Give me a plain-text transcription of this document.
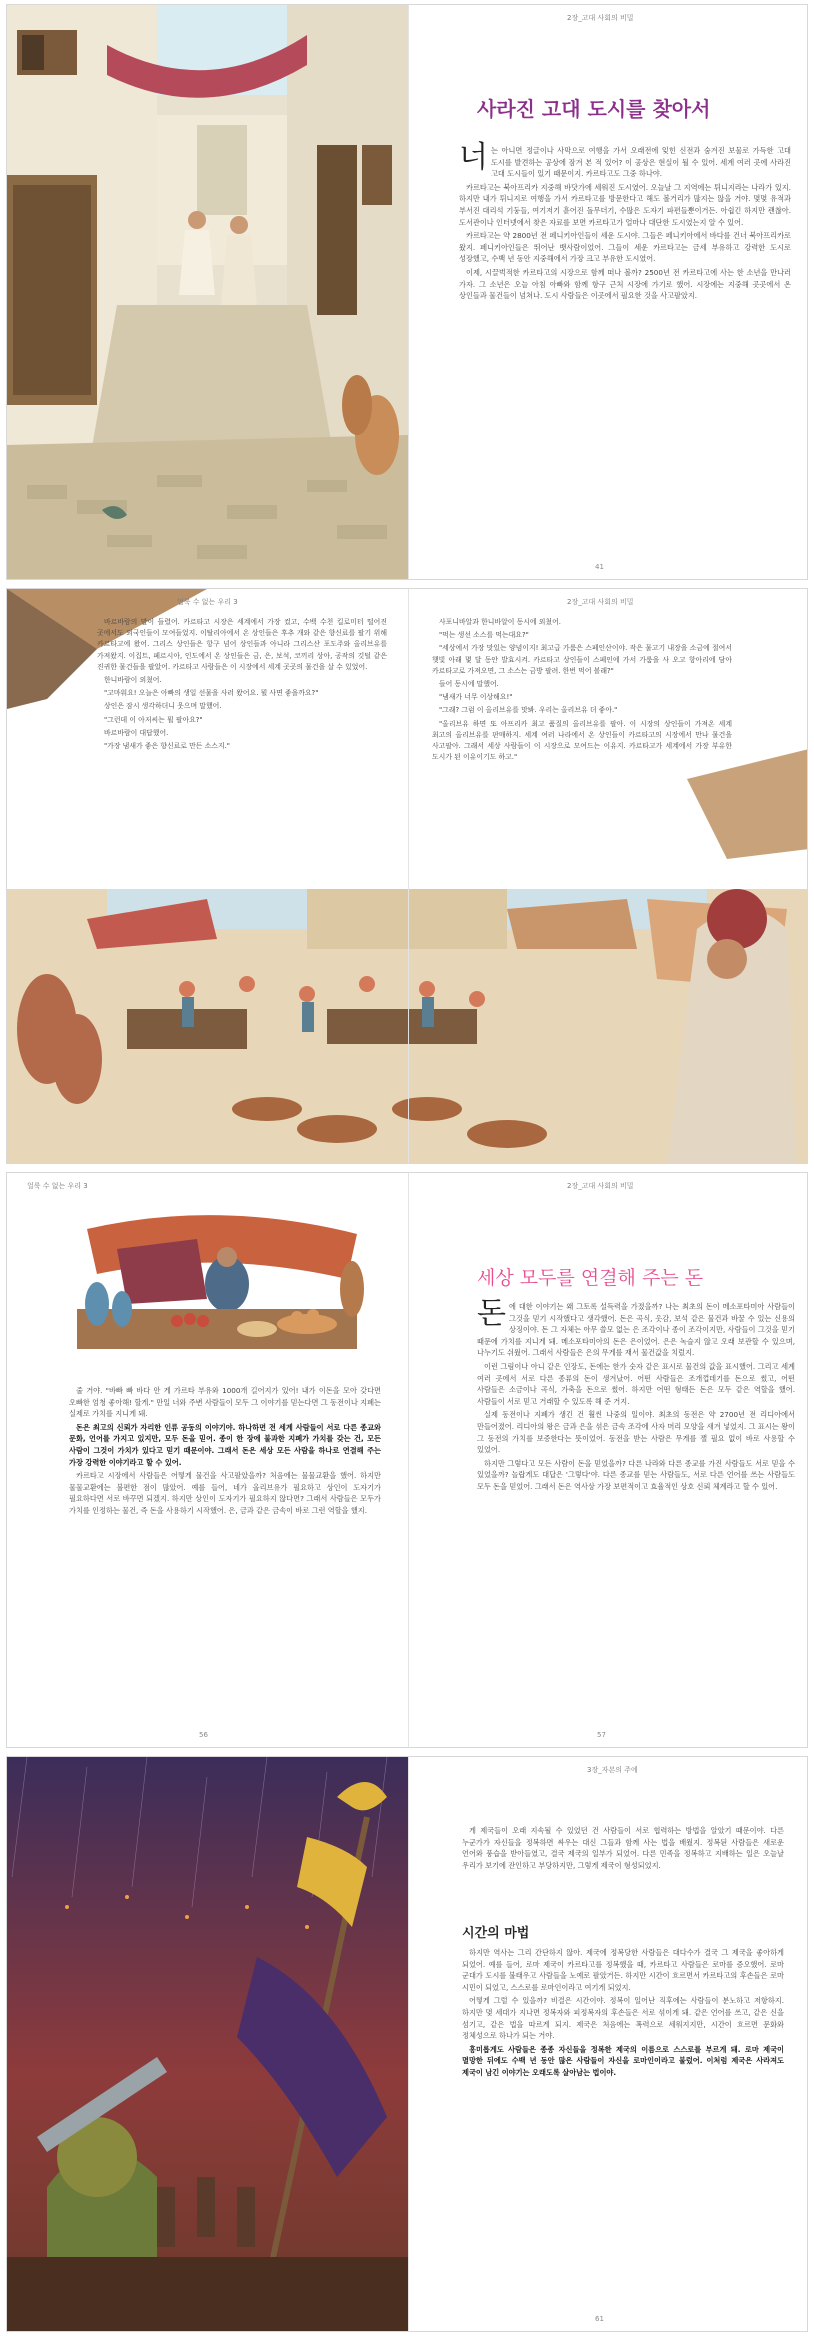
2장_고대 사회의 비밀
사라진 고대 도시를 찾아서

너는 아니면 정글이나 사막으로 여행을 가서 오래전에 잊힌 신전과 숨겨진 보물로 가득한 고대 도시를 발견하는 공상에 잠겨 본 적 있어? 이 공상은 현실이 될 수 있어. 세계 여러 곳에 사라진 고대 도시들이 있기 때문이지. 카르타고도 그중 하나야.

카르타고는 북아프리카 지중해 바닷가에 세워진 도시였어. 오늘날 그 지역에는 튀니지라는 나라가 있지. 하지만 내가 튀니지로 여행을 가서 카르타고를 방문한다고 해도 볼거리가 많지는 않을 거야. 몇몇 유적과 부서진 대리석 기둥들, 여기저기 흩어진 돌무더기, 수많은 도자기 파편들뿐이거든. 아쉽긴 하지만 괜찮아. 도서관이나 인터넷에서 찾은 자료를 보면 카르타고가 얼마나 대단한 도시였는지 알 수 있어.

카르타고는 약 2800년 전 페니키아인들이 세운 도시야. 그들은 페니키아에서 바다를 건너 북아프리카로 왔지. 페니키아인들은 뛰어난 뱃사람이었어. 그들이 세운 카르타고는 금세 부유하고 강력한 도시로 성장했고, 수백 년 동안 지중해에서 가장 크고 부유한 도시였어.

이제, 시끌벅적한 카르타고의 시장으로 함께 떠나 볼까? 2500년 전 카르타고에 사는 한 소년을 만나러 가자. 그 소년은 오늘 아침 아빠와 함께 항구 근처 시장에 가기로 했어. 시장에는 지중해 곳곳에서 온 상인들과 물건들이 넘쳐나. 도시 사람들은 이곳에서 필요한 것을 사고팔았지.

41
얼룩 수 없는 우리 3	2장_고대 사회의 비밀

바르바람의 말이 들렸어. 카르타고 시장은 세계에서 가장 컸고, 수백 수천 킬로미터 떨어진 곳에서도 외국인들이 모여들었지. 이탈리아에서 온 상인들은 후추 개와 같은 향신료를 팔기 위해 카르타고에 왔어. 그리스 상인들은 항구 넘어 상인들과 아니라 그리스산 포도주와 올리브유를 가져왔지. 이집트, 페르시아, 인도에서 온 상인들은 금, 은, 보석, 코끼리 상아, 공작의 깃털 같은 진귀한 물건들을 팔았어. 카르타고 사람들은 이 시장에서 세계 곳곳의 물건을 살 수 있었어.

한니바람이 외쳤어.

"고마워요! 오늘은 아빠의 생일 선물을 사러 왔어요. 뭘 사면 좋을까요?"

상인은 잠시 생각하더니 웃으며 말했어.

"그런데 이 아저씨는 뭘 팔아요?"

바르바람이 대답했어.

"가장 냄새가 좋은 향신료로 만든 소스지."

사포니바알과 한니바알이 동시에 외쳤어.

"먹는 생선 소스를 먹는대요?"

"세상에서 가장 맛있는 양념이지! 최고급 가룸은 스페인산이야. 작은 물고기 내장을 소금에 절여서 햇빛 아래 몇 달 동안 발효시켜. 카르타고 상인들이 스페인에 가서 가룸을 사 오고 항아리에 담아 카르타고로 가져오면, 그 소스는 금방 팔려. 한번 먹어 볼래?"

들어 동시에 말했어.

"냄새가 너무 이상해요!"

"그래? 그럼 이 올리브유를 맛봐. 우리는 올리브유 더 좋아."

"올리브유 하면 또 아프리카 최고 품질의 올리브유를 팔아. 이 시장의 상인들이 가져온 세계 최고의 올리브유를 판매하지. 세계 여러 나라에서 온 상인들이 카르타고의 시장에서 만나 물건을 사고팔아. 그래서 세상 사람들이 이 시장으로 모여드는 이유지. 카르타고가 세계에서 가장 부유한 도시가 된 이유이기도 하고."

얼룩 수 없는 우리 3	2장_고대 사회의 비밀

줄 거야. "바빠 빠 바다 안 게 가르타 부유와 1000개 길어지가 있어! 내가 이돈을 모아 갖다면 오빠한 엄청 좋아해! 할게." 만일 너와 주변 사람들이 모두 그 이야기를 믿는다면 그 동전이나 지폐는 실제로 가치를 지니게 돼.

돈은 최고의 신뢰가 자리한 인류 공동의 이야기야. 하나하면 전 세계 사람들이 서로 다른 종교와 문화, 언어를 가지고 있지만, 모두 돈을 믿어. 종이 한 장에 불과한 지폐가 가치를 갖는 건, 모든 사람이 그것이 가치가 있다고 믿기 때문이야. 그래서 돈은 세상 모든 사람을 하나로 연결해 주는 가장 강력한 이야기라고 할 수 있어.

카르타고 시장에서 사람들은 어떻게 물건을 사고팔았을까? 처음에는 물물교환을 했어. 하지만 물물교환에는 불편한 점이 많았어. 예를 들어, 네가 올리브유가 필요하고 상인이 도자기가 필요하다면 서로 바꾸면 되겠지. 하지만 상인이 도자기가 필요하지 않다면? 그래서 사람들은 모두가 가치를 인정하는 물건, 즉 돈을 사용하기 시작했어. 은, 금과 같은 금속이 바로 그런 역할을 했지.

56
세상 모두를 연결해 주는 돈

돈에 대한 이야기는 왜 그토록 설득력을 가졌을까? 나는 최초의 돈이 메소포타미아 사람들이 그것을 믿기 시작했다고 생각했어. 돈은 곡식, 옷감, 보석 같은 물건과 바꿀 수 있는 신용의 상징이야. 돈 그 자체는 아무 쓸모 없는 은 조각이나 종이 조각이지만, 사람들이 그것을 믿기 때문에 가치를 지니게 돼. 메소포타미아의 돈은 은이었어. 은은 녹슬지 않고 오래 보관할 수 있으며, 나누기도 쉬웠어. 그래서 사람들은 은의 무게를 재서 물건값을 치렀지.

이런 그림이나 아니 같은 인장도, 돈에는 한가 숫자 같은 표시로 물건의 값을 표시했어. 그리고 세계 여러 곳에서 서로 다른 종류의 돈이 생겨났어. 어떤 사람들은 조개껍데기를 돈으로 썼고, 어떤 사람들은 소금이나 곡식, 가축을 돈으로 썼어. 하지만 어떤 형태든 돈은 모두 같은 역할을 했어. 사람들이 서로 믿고 거래할 수 있도록 해 준 거지.

실제 동전이나 지폐가 생긴 건 훨씬 나중의 일이야. 최초의 동전은 약 2700년 전 리디아에서 만들어졌어. 리디아의 왕은 금과 은을 섞은 금속 조각에 사자 머리 모양을 새겨 넣었지. 그 표시는 왕이 그 동전의 가치를 보증한다는 뜻이었어. 동전을 받는 사람은 무게를 잴 필요 없이 바로 사용할 수 있었어.

하지만 그렇다고 모든 사람이 돈을 믿었을까? 다른 나라와 다른 종교를 가진 사람들도 서로 믿을 수 있었을까? 놀랍게도 대답은 '그렇다'야. 다른 종교를 믿는 사람들도, 서로 다른 언어를 쓰는 사람들도 모두 돈을 믿었어. 그래서 돈은 역사상 가장 보편적이고 효율적인 상호 신뢰 체계라고 할 수 있어.

57
3장_자본의 주에

게 제국들이 오래 지속될 수 있었던 건 사람들이 서로 협력하는 방법을 알았기 때문이야. 다른 누군가가 자신들을 정복하면 싸우는 대신 그들과 함께 사는 법을 배웠지. 정복된 사람들은 새로운 언어와 풍습을 받아들였고, 결국 제국의 일부가 되었어. 다른 민족을 정복하고 지배하는 일은 오늘날 우리가 보기에 잔인하고 부당하지만, 그렇게 제국이 형성되었지.

시간의 마법

하지만 역사는 그리 간단하지 않아. 제국에 정복당한 사람들은 대다수가 결국 그 제국을 좋아하게 되었어. 예를 들어, 로마 제국이 카르타고를 정복했을 때, 카르타고 사람들은 로마를 증오했어. 로마 군대가 도시를 불태우고 사람들을 노예로 팔았거든. 하지만 시간이 흐르면서 카르타고의 후손들은 로마 시민이 되었고, 스스로를 로마인이라고 여기게 되었지.

어떻게 그럴 수 있을까? 비결은 시간이야. 정복이 일어난 직후에는 사람들이 분노하고 저항하지. 하지만 몇 세대가 지나면 정복자와 피정복자의 후손들은 서로 섞이게 돼. 같은 언어를 쓰고, 같은 신을 섬기고, 같은 법을 따르게 되지. 제국은 처음에는 폭력으로 세워지지만, 시간이 흐르면 문화와 정체성으로 하나가 되는 거야.

흥미롭게도 사람들은 종종 자신들을 정복한 제국의 이름으로 스스로를 부르게 돼. 로마 제국이 멸망한 뒤에도 수백 년 동안 많은 사람들이 자신을 로마인이라고 불렀어. 이처럼 제국은 사라져도 제국이 남긴 이야기는 오래도록 살아남는 법이야.

61
